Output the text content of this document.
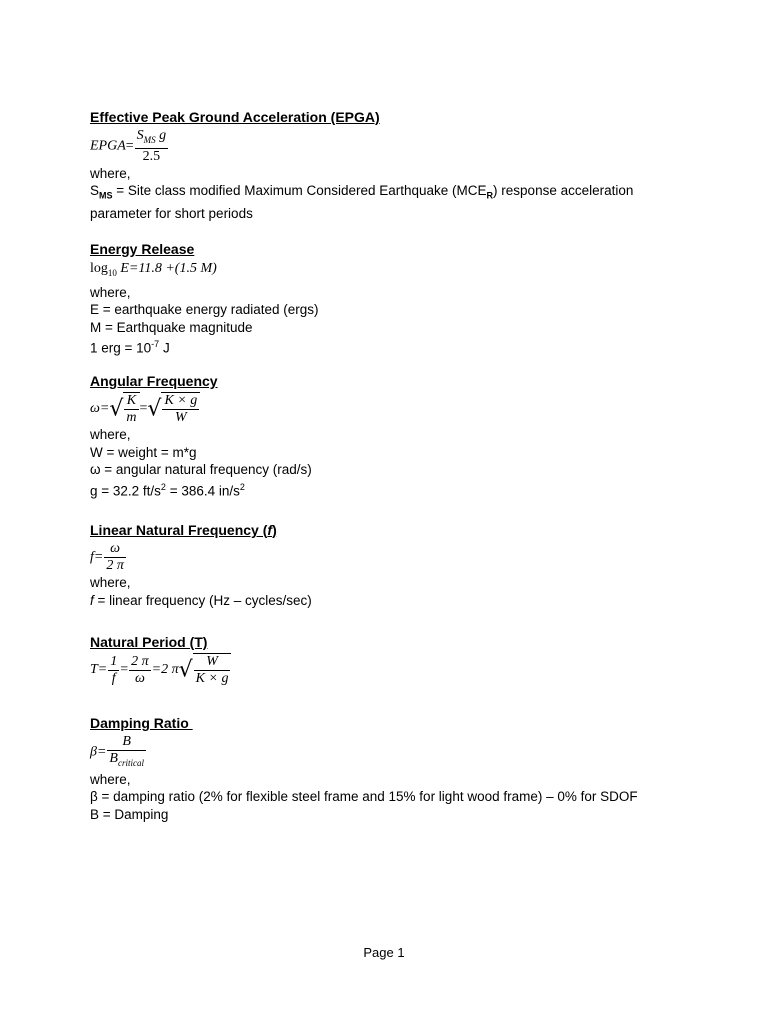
Effective Peak Ground Acceleration (EPGA)
EPGA= $\frac{S_{MS} g}{2.5}$
where,
$S_{MS}$ = Site class modified Maximum Considered Earthquake $(MCE_R)$ response acceleration
parameter for short periods
Energy Release
$\log_{10} E=11.8 +(1.5$ M)
where,
E = earthquake energy radiated (ergs)
M = Earthquake magnitude
1 erg = $10^{-7}$ J
Angular Frequency
$\omega=√ \frac{K}{m}$ =√ $\frac{K \times g}{W}$
where,
W = weight = m*g
ω = angular natural frequency (rad/s)
g = 32.2 $ft/s^2 = 386.4$ $in/s^2$
Linear Natural Frequency (f)
$f= \frac{\omega}{2 \pi}$
where,
f = linear frequency (Hz – cycles/sec)
Natural Period (T)
$T= \frac{1}{f} = \frac{2 \pi}{\omega} =2$ $\pi√ \frac{W}{K \times g}$
Damping Ratio
$\beta= \frac{B}{B_{critical}}$
where,
β = damping ratio (2% for flexible steel frame and 15% for light wood frame) – 0% for SDOF
B = Damping
Page 1
